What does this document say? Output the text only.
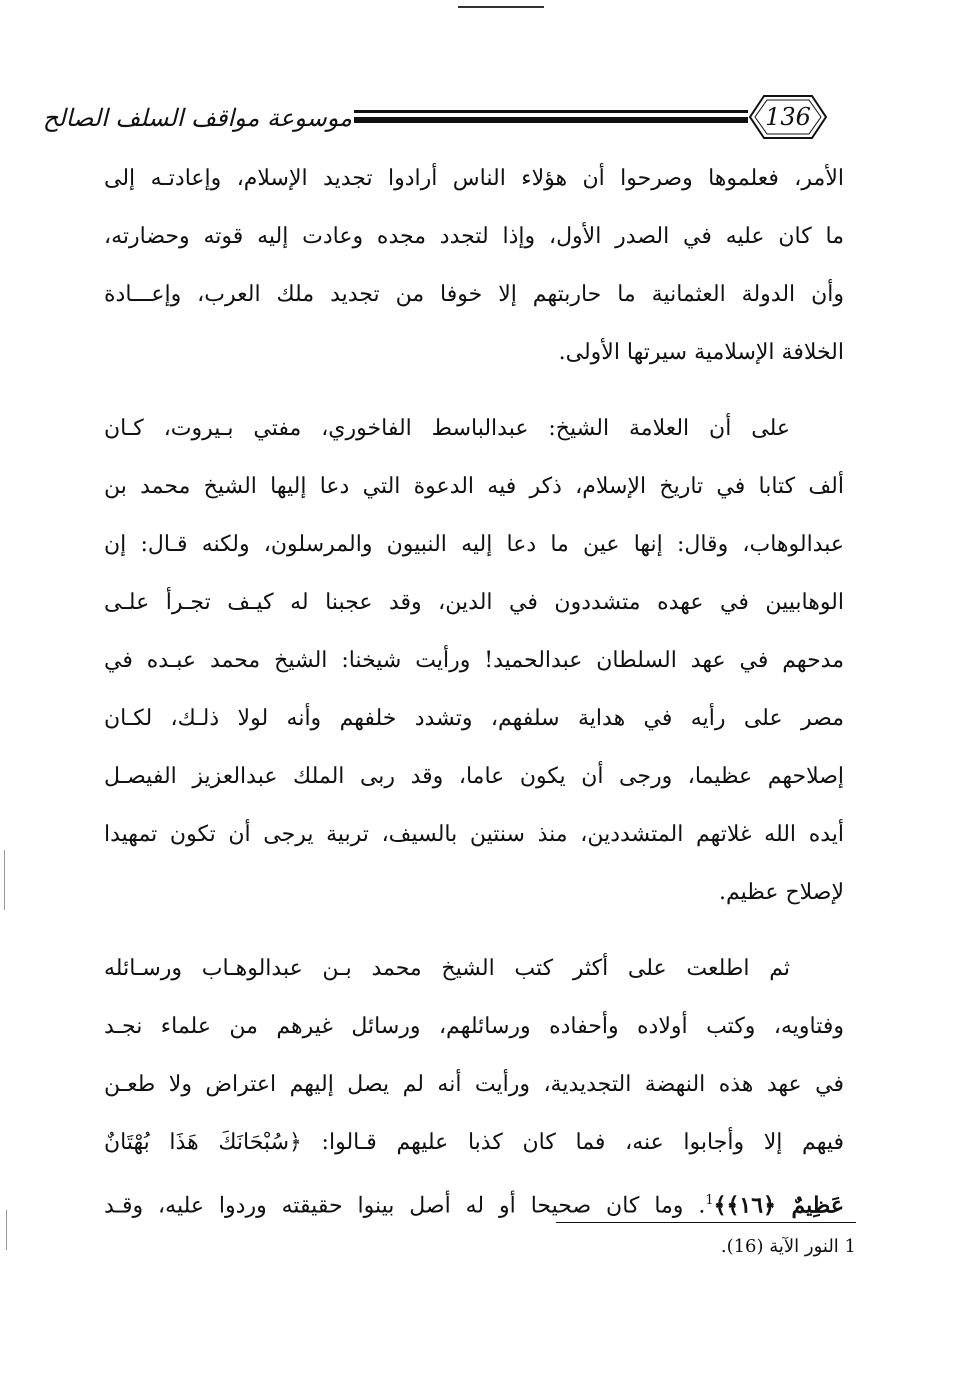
موسوعة مواقف السلف الصالح	136
الأمر، فعلموها وصرحوا أن هؤلاء الناس أرادوا تجديد الإسلام، وإعادتـه إلى
ما كان عليه في الصدر الأول، وإذا لتجدد مجده وعادت إليه قوته وحضارته،
وأن الدولة العثمانية ما حاربتهم إلا خوفا من تجديد ملك العرب، وإعـــادة
الخلافة الإسلامية سيرتها الأولى.
على أن العلامة الشيخ: عبدالباسط الفاخوري، مفتي بـيروت، كـان
ألف كتابا في تاريخ الإسلام، ذكر فيه الدعوة التي دعا إليها الشيخ محمد بن
عبدالوهاب، وقال: إنها عين ما دعا إليه النبيون والمرسلون، ولكنه قـال: إن
الوهابيين في عهده متشددون في الدين، وقد عجبنا له كيـف تجـرأ علـى
مدحهم في عهد السلطان عبدالحميد! ورأيت شيخنا: الشيخ محمد عبـده في
مصر على رأيه في هداية سلفهم، وتشدد خلفهم وأنه لولا ذلـك، لكـان
إصلاحهم عظيما، ورجى أن يكون عاما، وقد ربى الملك عبدالعزيز الفيصـل
أيده الله غلاتهم المتشددين، منذ سنتين بالسيف، تربية يرجى أن تكون تمهيدا
لإصلاح عظيم.
ثم اطلعت على أكثر كتب الشيخ محمد بـن عبدالوهـاب ورسـائله
وفتاويه، وكتب أولاده وأحفاده ورسائلهم، ورسائل غيرهم من علماء نجـد
في عهد هذه النهضة التجديدية، ورأيت أنه لم يصل إليهم اعتراض ولا طعـن
فيهم إلا وأجابوا عنه، فما كان كذبا عليهم قـالوا: ﴿سُبْحَانَكَ هَذَا بُهْتَانٌ
عَظِيمٌ ﴿١٦﴾﴾$^1$. وما كان صحيحا أو له أصل بينوا حقيقته وردوا عليه، وقـد
1 النور الآية (16).
